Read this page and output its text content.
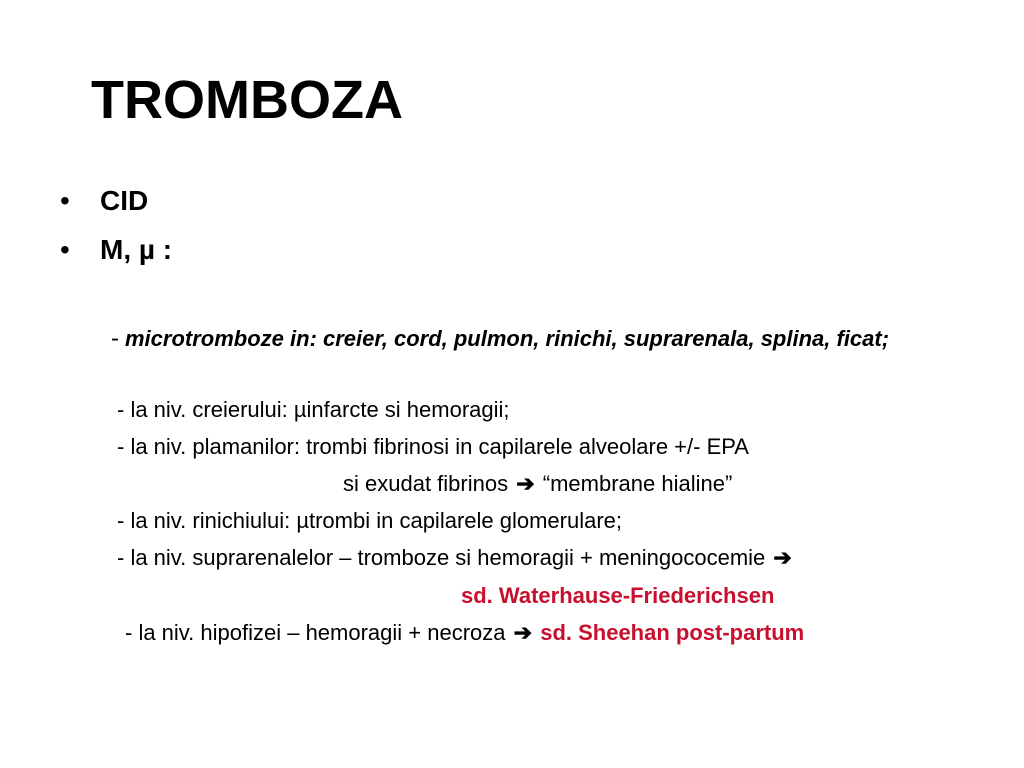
TROMBOZA
• CID
• M, µ :
- microtromboze in: creier, cord, pulmon, rinichi, suprarenala, splina, ficat;
- la niv. creierului: µinfarcte si hemoragii;
- la niv. plamanilor: trombi fibrinosi in capilarele alveolare +/- EPA
si exudat fibrinos ➔ “membrane hialine”
- la niv. rinichiului: µtrombi in capilarele glomerulare;
- la niv. suprarenalelor – tromboze si hemoragii + meningococemie ➔
sd. Waterhause-Friederichsen
- la niv. hipofizei – hemoragii + necroza ➔ sd. Sheehan post-partum
